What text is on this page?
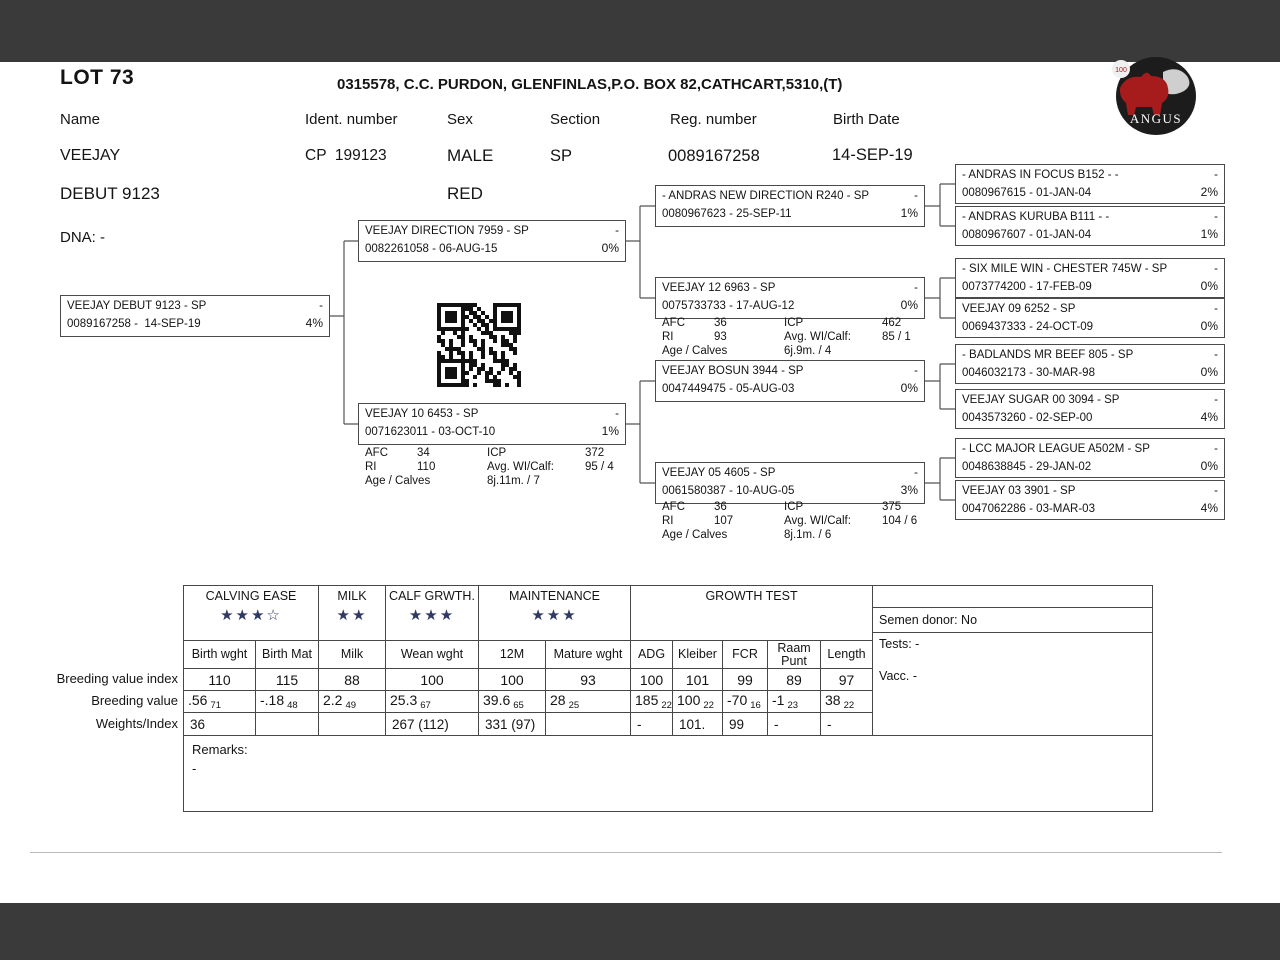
LOT 73	0315578, C.C. PURDON, GLENFINLAS,P.O. BOX 82,CATHCART,5310,(T)
100
ANGUS
Name	Ident. number	Sex	Section	Reg. number	Birth Date
VEEJAY	CP  199123	MALE	SP	0089167258	14-SEP-19
DEBUT 9123	RED
DNA: -
VEEJAY DEBUT 9123 - SP	-
0089167258 -  14-SEP-19	4%
VEEJAY DIRECTION 7959 - SP	-
0082261058 - 06-AUG-15	0%
VEEJAY 10 6453 - SP	-
0071623011 - 03-OCT-10	1%
AFC	34	ICP	372
RI	110	Avg. WI/Calf:	95 / 4
Age / Calves	8j.11m. / 7
- ANDRAS NEW DIRECTION R240 - SP	-
0080967623 - 25-SEP-11	1%
VEEJAY 12 6963 - SP	-
0075733733 - 17-AUG-12	0%
AFC	36	ICP	462
RI	93	Avg. WI/Calf:	85 / 1
Age / Calves	6j.9m. / 4
VEEJAY BOSUN 3944 - SP	-
0047449475 - 05-AUG-03	0%
VEEJAY 05 4605 - SP	-
0061580387 - 10-AUG-05	3%
AFC	36	ICP	375
RI	107	Avg. WI/Calf:	104 / 6
Age / Calves	8j.1m. / 6
- ANDRAS IN FOCUS B152 - -	-
0080967615 - 01-JAN-04	2%
- ANDRAS KURUBA B111 - -	-
0080967607 - 01-JAN-04	1%
- SIX MILE WIN - CHESTER 745W - SP	-
0073774200 - 17-FEB-09	0%
VEEJAY 09 6252 - SP	-
0069437333 - 24-OCT-09	0%
- BADLANDS MR BEEF 805 - SP	-
0046032173 - 30-MAR-98	0%
VEEJAY SUGAR 00 3094 - SP	-
0043573260 - 02-SEP-00	4%
- LCC MAJOR LEAGUE A502M - SP	-
0048638845 - 29-JAN-02	0%
VEEJAY 03 3901 - SP	-
0047062286 - 03-MAR-03	4%
Breeding value index
Breeding value
Weights/Index
CALVING EASE
★★★☆

MILK
★★

CALF GRWTH.
★★★

MAINTENANCE
★★★

GROWTH TEST

Semen donor: No
Tests: -
Vacc. -

Birth wght	Birth Mat	Milk	Wean wght	12M	Mature wght	ADG	Kleiber	FCR	Raam Punt	Length	
110	115	88	100	100	93	100	101	99	89	97	
.56 $_{71}$	-.18 $_{48}$	2.2 $_{49}$	25.3 $_{67}$	39.6 $_{65}$	28 $_{25}$	185 $_{22}$	100 $_{22}$	-70 $_{16}$	-1 $_{23}$	38 $_{22}$
36			267 (112)	331 (97)		-	101.	99	-	-	

Remarks:
-											
